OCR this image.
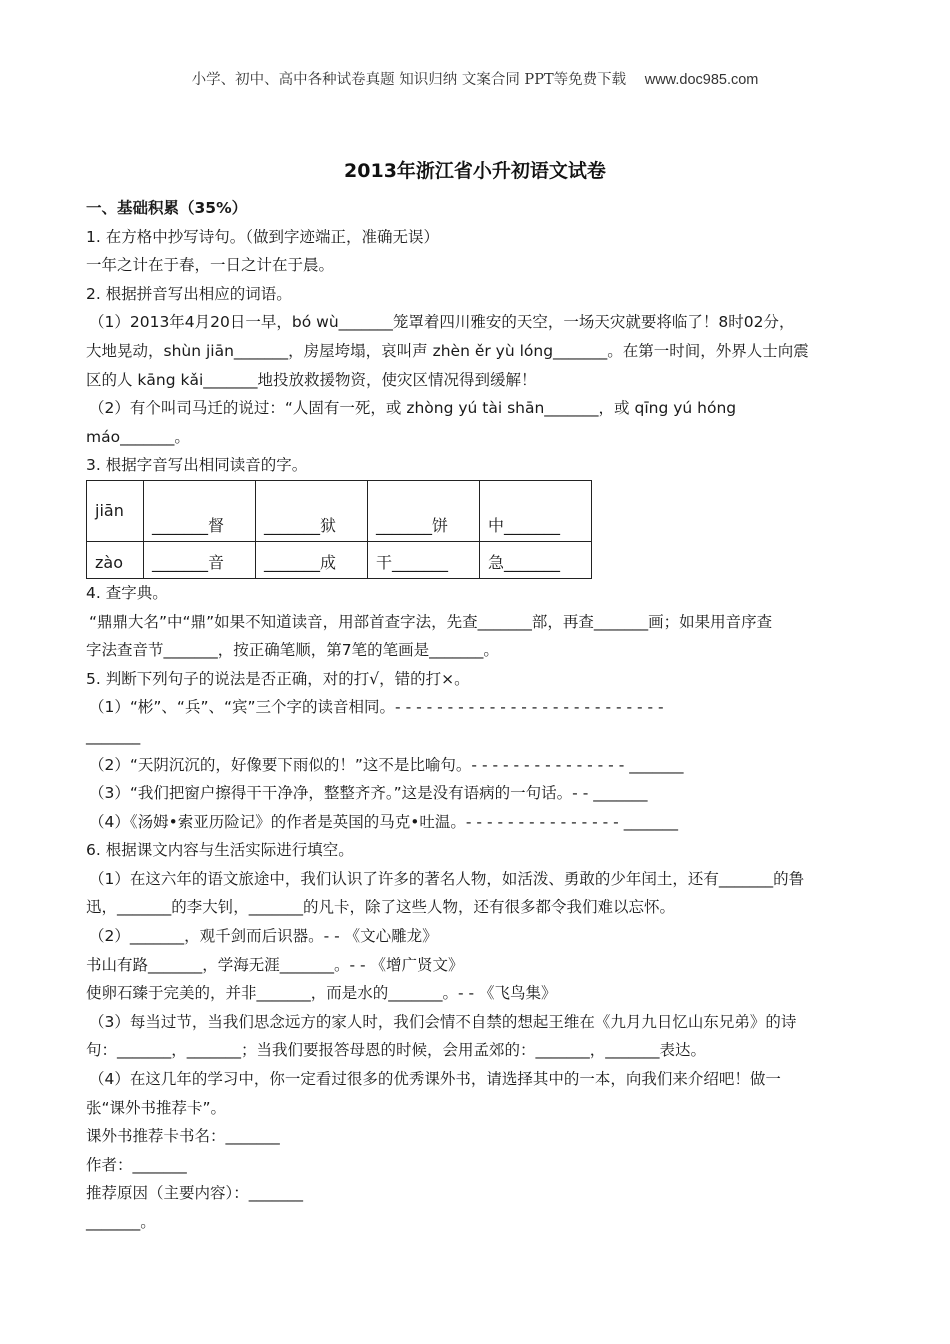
小学、初中、高中各种试卷真题 知识归纳 文案合同 PPT等免费下载 www.doc985.com
2013年浙江省小升初语文试卷

一、基础积累（35%）

1. 在方格中抄写诗句。（做到字迹端正，准确无误）

一年之计在于春，一日之计在于晨。

2. 根据拼音写出相应的词语。

（1）2013年4月20日一早，bó wù_______笼罩着四川雅安的天空，一场天灾就要将临了！8时02分，

大地晃动，shùn jiān_______，房屋垮塌，哀叫声 zhèn ěr yù lóng_______。在第一时间，外界人士向震

区的人 kāng kǎi_______地投放救援物资，使灾区情况得到缓解！

（2）有个叫司马迁的说过：“人固有一死，或 zhòng yú tài shān_______，或 qīng yú hóng

máo_______。

3. 根据字音写出相同读音的字。

jiān	_______督	_______狱	_______饼	中_______
zào	_______音	_______成	干_______	急_______

4. 查字典。

“鼎鼎大名”中“鼎”如果不知道读音，用部首查字法，先查_______部，再查_______画；如果用音序查

字法查音节_______，按正确笔顺，第7笔的笔画是_______。

5. 判断下列句子的说法是否正确，对的打√，错的打×。

（1）“彬”、“兵”、“宾”三个字的读音相同。- - - - - - - - - - - - - - - - - - - - - - - - - -

_______

（2）“天阴沉沉的，好像要下雨似的！”这不是比喻句。- - - - - - - - - - - - - - - _______

（3）“我们把窗户擦得干干净净，整整齐齐。”这是没有语病的一句话。- - _______

（4）《汤姆•索亚历险记》的作者是英国的马克•吐温。- - - - - - - - - - - - - - - _______

6. 根据课文内容与生活实际进行填空。

（1）在这六年的语文旅途中，我们认识了许多的著名人物，如活泼、勇敢的少年闰土，还有_______的鲁

迅，_______的李大钊，_______的凡卡，除了这些人物，还有很多都令我们难以忘怀。

（2）_______，观千剑而后识器。- - 《文心雕龙》

书山有路_______，学海无涯_______。- - 《增广贤文》

使卵石臻于完美的，并非_______，而是水的_______。- - 《飞鸟集》

（3）每当过节，当我们思念远方的家人时，我们会情不自禁的想起王维在《九月九日忆山东兄弟》的诗

句：_______，_______；当我们要报答母恩的时候，会用孟郊的：_______，_______表达。

（4）在这几年的学习中，你一定看过很多的优秀课外书，请选择其中的一本，向我们来介绍吧！做一

张“课外书推荐卡”。

课外书推荐卡书名：_______

作者：_______

推荐原因（主要内容）：_______

_______。
